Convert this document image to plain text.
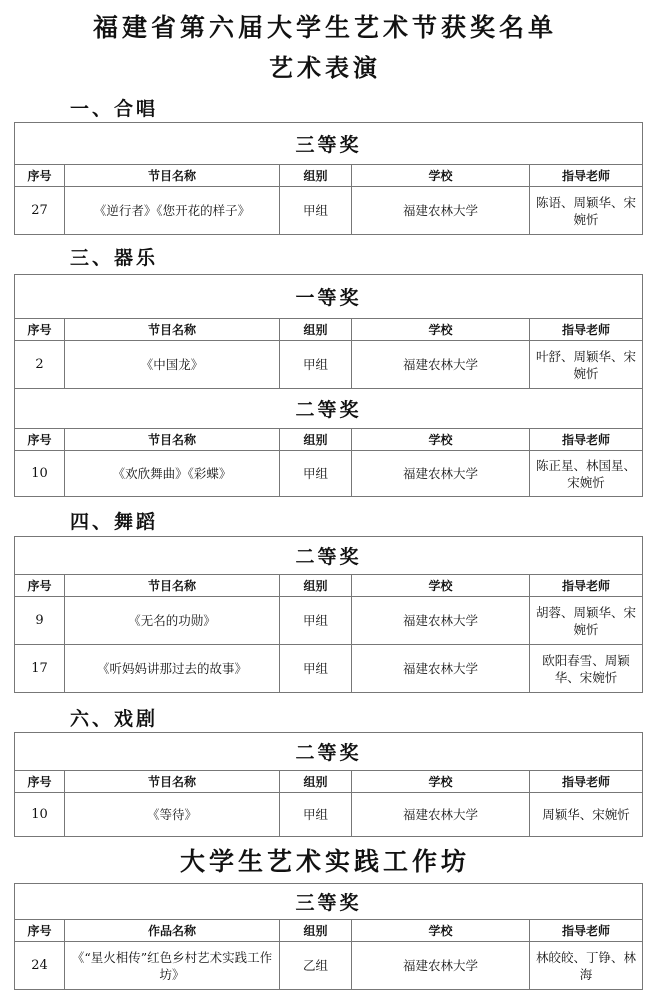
福建省第六届大学生艺术节获奖名单
艺术表演
一、合唱
三等奖				
序号	节目名称	组别	学校	指导老师
27	《逆行者》《您开花的样子》	甲组	福建农林大学	陈语、周颖华、宋婉忻
三、器乐
一等奖				
序号	节目名称	组别	学校	指导老师
2	《中国龙》	甲组	福建农林大学	叶舒、周颖华、宋婉忻
二等奖				
序号	节目名称	组别	学校	指导老师
10	《欢欣舞曲》《彩蝶》	甲组	福建农林大学	陈正星、林国星、宋婉忻
四、舞蹈
二等奖				
序号	节目名称	组别	学校	指导老师
9	《无名的功勋》	甲组	福建农林大学	胡蓉、周颖华、宋婉忻
17	《听妈妈讲那过去的故事》	甲组	福建农林大学	欧阳春雪、周颖华、宋婉忻
六、戏剧
二等奖				
序号	节目名称	组别	学校	指导老师
10	《等待》	甲组	福建农林大学	周颖华、宋婉忻
大学生艺术实践工作坊
三等奖				
序号	作品名称	组别	学校	指导老师
24	《“星火相传”红色乡村艺术实践工作坊》	乙组	福建农林大学	林皎皎、丁铮、林海
